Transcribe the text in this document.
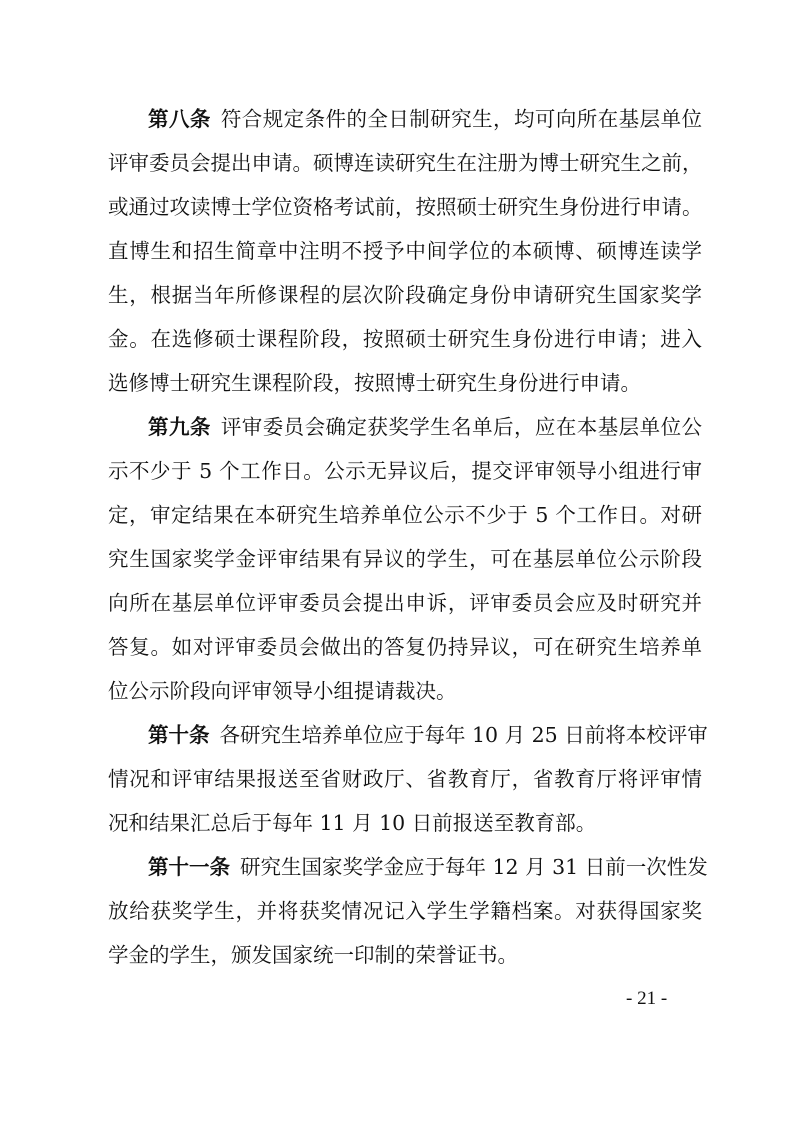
第八条 符合规定条件的全日制研究生，均可向所在基层单位
评审委员会提出申请。硕博连读研究生在注册为博士研究生之前，
或通过攻读博士学位资格考试前，按照硕士研究生身份进行申请。
直博生和招生简章中注明不授予中间学位的本硕博、硕博连读学
生，根据当年所修课程的层次阶段确定身份申请研究生国家奖学
金。在选修硕士课程阶段，按照硕士研究生身份进行申请；进入
选修博士研究生课程阶段，按照博士研究生身份进行申请。
第九条 评审委员会确定获奖学生名单后，应在本基层单位公
示不少于 5 个工作日。公示无异议后，提交评审领导小组进行审
定，审定结果在本研究生培养单位公示不少于 5 个工作日。对研
究生国家奖学金评审结果有异议的学生，可在基层单位公示阶段
向所在基层单位评审委员会提出申诉，评审委员会应及时研究并
答复。如对评审委员会做出的答复仍持异议，可在研究生培养单
位公示阶段向评审领导小组提请裁决。
第十条 各研究生培养单位应于每年 10 月 25 日前将本校评审
情况和评审结果报送至省财政厅、省教育厅，省教育厅将评审情
况和结果汇总后于每年 11 月 10 日前报送至教育部。
第十一条 研究生国家奖学金应于每年 12 月 31 日前一次性发
放给获奖学生，并将获奖情况记入学生学籍档案。对获得国家奖
学金的学生，颁发国家统一印制的荣誉证书。
- 21 -
